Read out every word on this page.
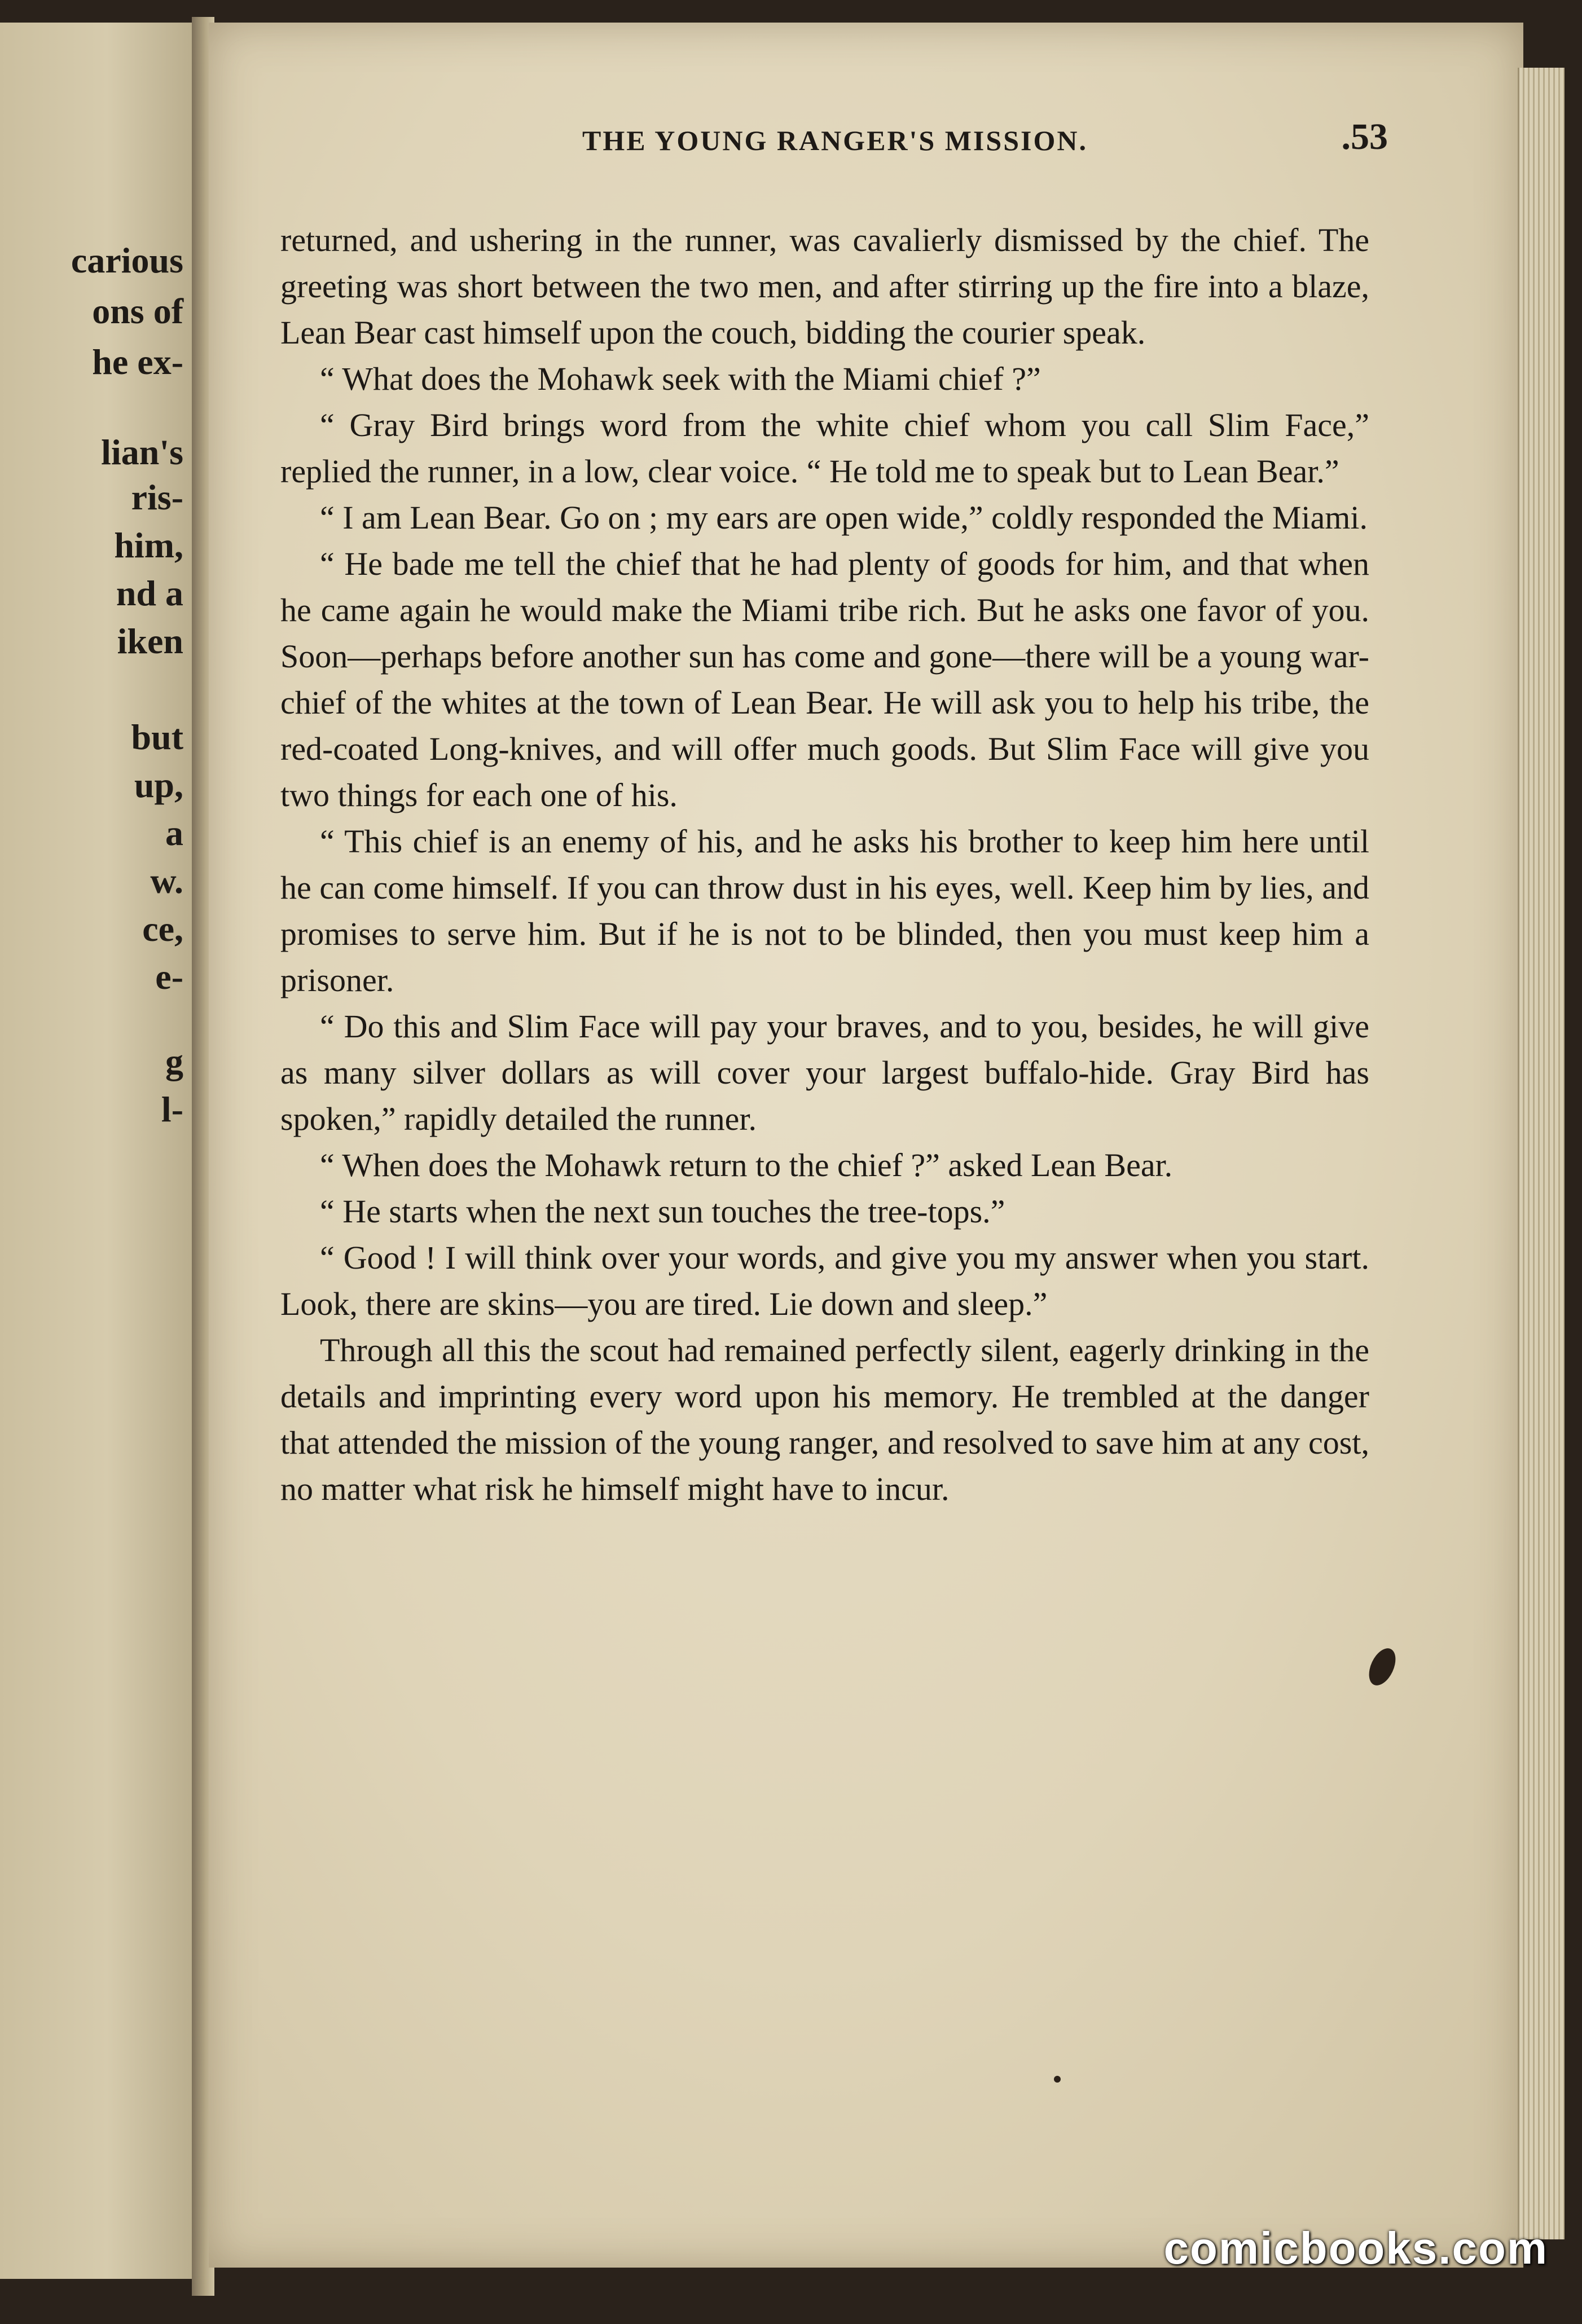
carious
ons of
he ex-
lian's
ris-
him,
nd a
iken
but
up,
a
w.
ce,
e-
g
l-
THE YOUNG RANGER'S MISSION.	.53

returned, and ushering in the runner, was cavalierly dismissed by the chief. The greeting was short between the two men, and after stirring up the fire into a blaze, Lean Bear cast himself upon the couch, bidding the courier speak.

“ What does the Mohawk seek with the Miami chief ?”

“ Gray Bird brings word from the white chief whom you call Slim Face,” replied the runner, in a low, clear voice. “ He told me to speak but to Lean Bear.”

“ I am Lean Bear. Go on ; my ears are open wide,” coldly responded the Miami.

“ He bade me tell the chief that he had plenty of goods for him, and that when he came again he would make the Miami tribe rich. But he asks one favor of you. Soon—perhaps before another sun has come and gone—there will be a young war-chief of the whites at the town of Lean Bear. He will ask you to help his tribe, the red-coated Long-knives, and will offer much goods. But Slim Face will give you two things for each one of his.

“ This chief is an enemy of his, and he asks his brother to keep him here until he can come himself. If you can throw dust in his eyes, well. Keep him by lies, and promises to serve him. But if he is not to be blinded, then you must keep him a prisoner.

“ Do this and Slim Face will pay your braves, and to you, besides, he will give as many silver dollars as will cover your largest buffalo-hide. Gray Bird has spoken,” rapidly detailed the runner.

“ When does the Mohawk return to the chief ?” asked Lean Bear.

“ He starts when the next sun touches the tree-tops.”

“ Good ! I will think over your words, and give you my answer when you start. Look, there are skins—you are tired. Lie down and sleep.”

Through all this the scout had remained perfectly silent, eagerly drinking in the details and imprinting every word upon his memory. He trembled at the danger that attended the mission of the young ranger, and resolved to save him at any cost, no matter what risk he himself might have to incur.

comicbooks.com
